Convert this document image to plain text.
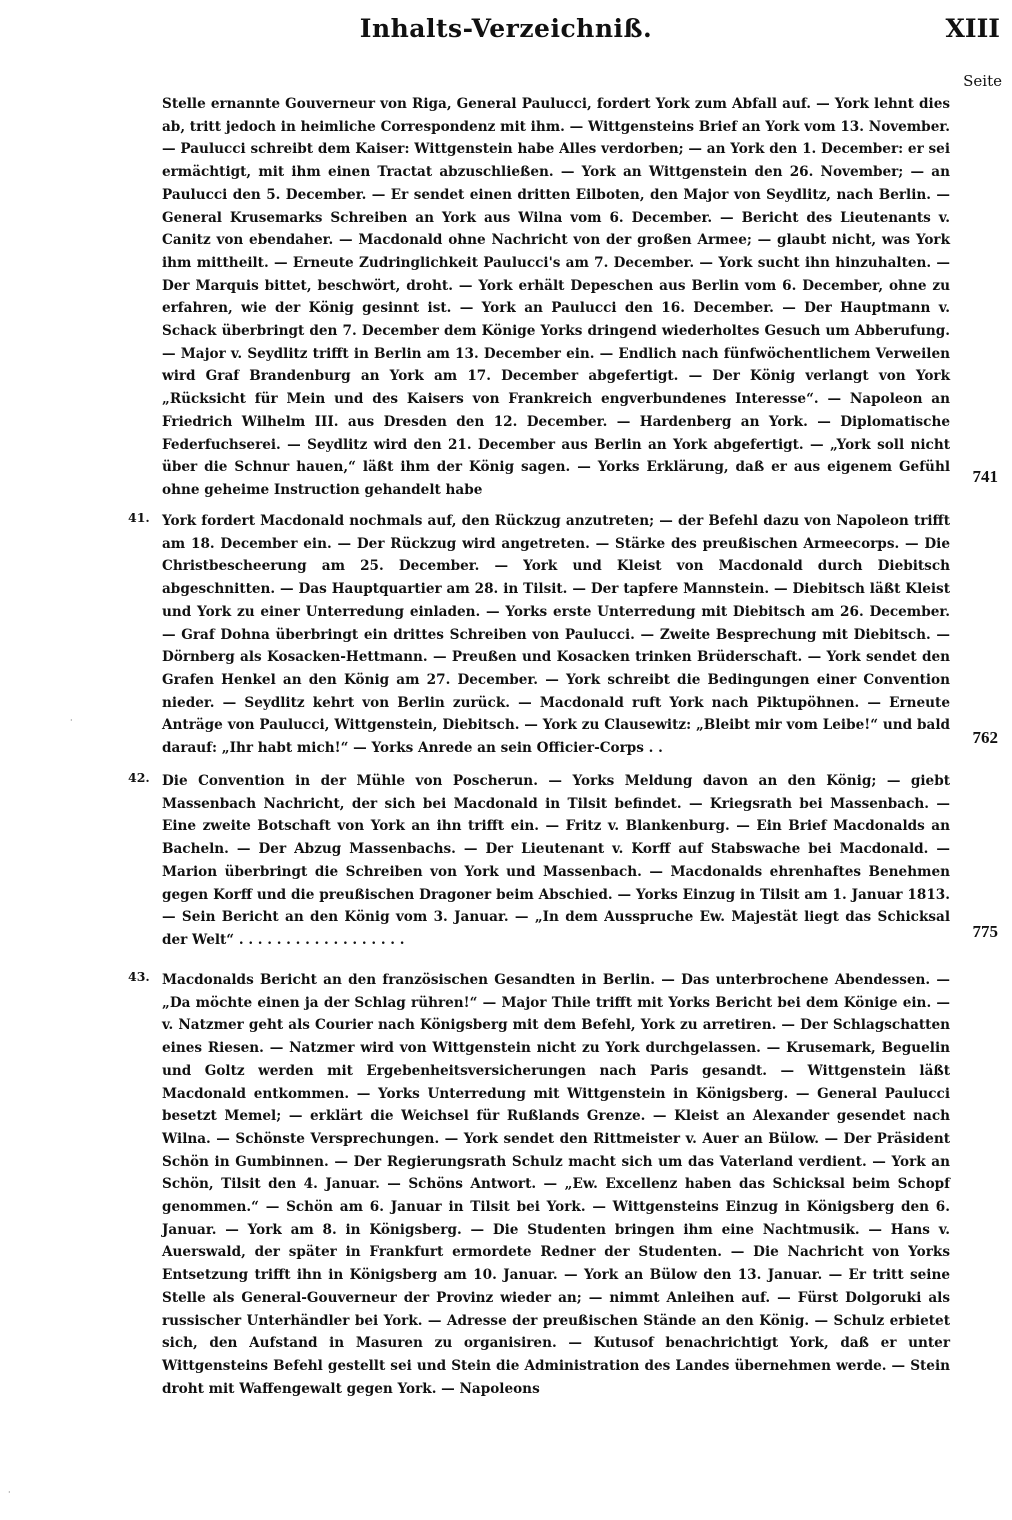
Inhalts-Verzeichniß.	XIII
Seite

Stelle ernannte Gouverneur von Riga, General Paulucci, fordert York zum Abfall auf. — York lehnt dies ab, tritt jedoch in heimliche Correspondenz mit ihm. — Wittgensteins Brief an York vom 13. November. — Paulucci schreibt dem Kaiser: Wittgenstein habe Alles verdorben; — an York den 1. December: er sei ermächtigt, mit ihm einen Tractat abzuschließen. — York an Wittgenstein den 26. November; — an Paulucci den 5. December. — Er sendet einen dritten Eilboten, den Major von Seydlitz, nach Berlin. — General Krusemarks Schreiben an York aus Wilna vom 6. December. — Bericht des Lieutenants v. Canitz von ebendaher. — Macdonald ohne Nachricht von der großen Armee; — glaubt nicht, was York ihm mittheilt. — Erneute Zudringlichkeit Paulucci's am 7. December. — York sucht ihn hinzuhalten. — Der Marquis bittet, beschwört, droht. — York erhält Depeschen aus Berlin vom 6. December, ohne zu erfahren, wie der König gesinnt ist. — York an Paulucci den 16. December. — Der Hauptmann v. Schack überbringt den 7. December dem Könige Yorks dringend wiederholtes Gesuch um Abberufung. — Major v. Seydlitz trifft in Berlin am 13. December ein. — Endlich nach fünfwöchentlichem Verweilen wird Graf Brandenburg an York am 17. December abgefertigt. — Der König verlangt von York „Rücksicht für Mein und des Kaisers von Frankreich engverbundenes Interesse“. — Napoleon an Friedrich Wilhelm III. aus Dresden den 12. December. — Hardenberg an York. — Diplomatische Federfuchserei. — Seydlitz wird den 21. December aus Berlin an York abgefertigt. — „York soll nicht über die Schnur hauen,“ läßt ihm der König sagen. — Yorks Erklärung, daß er aus eigenem Gefühl ohne geheime Instruction gehandelt habe

741
41. York fordert Macdonald nochmals auf, den Rückzug anzutreten; — der Befehl dazu von Napoleon trifft am 18. December ein. — Der Rückzug wird angetreten. — Stärke des preußischen Armeecorps. — Die Christbescheerung am 25. December. — York und Kleist von Macdonald durch Diebitsch abgeschnitten. — Das Hauptquartier am 28. in Tilsit. — Der tapfere Mannstein. — Diebitsch läßt Kleist und York zu einer Unterredung einladen. — Yorks erste Unterredung mit Diebitsch am 26. December. — Graf Dohna überbringt ein drittes Schreiben von Paulucci. — Zweite Besprechung mit Diebitsch. — Dörnberg als Kosacken-Hettmann. — Preußen und Kosacken trinken Brüderschaft. — York sendet den Grafen Henkel an den König am 27. December. — York schreibt die Bedingungen einer Convention nieder. — Seydlitz kehrt von Berlin zurück. — Macdonald ruft York nach Piktupöhnen. — Erneute Anträge von Paulucci, Wittgenstein, Diebitsch. — York zu Clausewitz: „Bleibt mir vom Leibe!“ und bald darauf: „Ihr habt mich!“ — Yorks Anrede an sein Officier-Corps . .

762
42. Die Convention in der Mühle von Poscherun. — Yorks Meldung davon an den König; — giebt Massenbach Nachricht, der sich bei Macdonald in Tilsit befindet. — Kriegsrath bei Massenbach. — Eine zweite Botschaft von York an ihn trifft ein. — Fritz v. Blankenburg. — Ein Brief Macdonalds an Bacheln. — Der Abzug Massenbachs. — Der Lieutenant v. Korff auf Stabswache bei Macdonald. — Marion überbringt die Schreiben von York und Massenbach. — Macdonalds ehrenhaftes Benehmen gegen Korff und die preußischen Dragoner beim Abschied. — Yorks Einzug in Tilsit am 1. Januar 1813. — Sein Bericht an den König vom 3. Januar. — „In dem Ausspruche Ew. Majestät liegt das Schicksal der Welt“ . . . . . . . . . . . . . . . . . .	775
43. Macdonalds Bericht an den französischen Gesandten in Berlin. — Das unterbrochene Abendessen. — „Da möchte einen ja der Schlag rühren!“ — Major Thile trifft mit Yorks Bericht bei dem Könige ein. — v. Natzmer geht als Courier nach Königsberg mit dem Befehl, York zu arretiren. — Der Schlagschatten eines Riesen. — Natzmer wird von Wittgenstein nicht zu York durchgelassen. — Krusemark, Beguelin und Goltz werden mit Ergebenheitsversicherungen nach Paris gesandt. — Wittgenstein läßt Macdonald entkommen. — Yorks Unterredung mit Wittgenstein in Königsberg. — General Paulucci besetzt Memel; — erklärt die Weichsel für Rußlands Grenze. — Kleist an Alexander gesendet nach Wilna. — Schönste Versprechungen. — York sendet den Rittmeister v. Auer an Bülow. — Der Präsident Schön in Gumbinnen. — Der Regierungsrath Schulz macht sich um das Vaterland verdient. — York an Schön, Tilsit den 4. Januar. — Schöns Antwort. — „Ew. Excellenz haben das Schicksal beim Schopf genommen.“ — Schön am 6. Januar in Tilsit bei York. — Wittgensteins Einzug in Königsberg den 6. Januar. — York am 8. in Königsberg. — Die Studenten bringen ihm eine Nachtmusik. — Hans v. Auerswald, der später in Frankfurt ermordete Redner der Studenten. — Die Nachricht von Yorks Entsetzung trifft ihn in Königsberg am 10. Januar. — York an Bülow den 13. Januar. — Er tritt seine Stelle als General-Gouverneur der Provinz wieder an; — nimmt Anleihen auf. — Fürst Dolgoruki als russischer Unterhändler bei York. — Adresse der preußischen Stände an den König. — Schulz erbietet sich, den Aufstand in Masuren zu organisiren. — Kutusof benachrichtigt York, daß er unter Wittgensteins Befehl gestellt sei und Stein die Administration des Landes übernehmen werde. — Stein droht mit Waffengewalt gegen York. — Napoleons

·
·
